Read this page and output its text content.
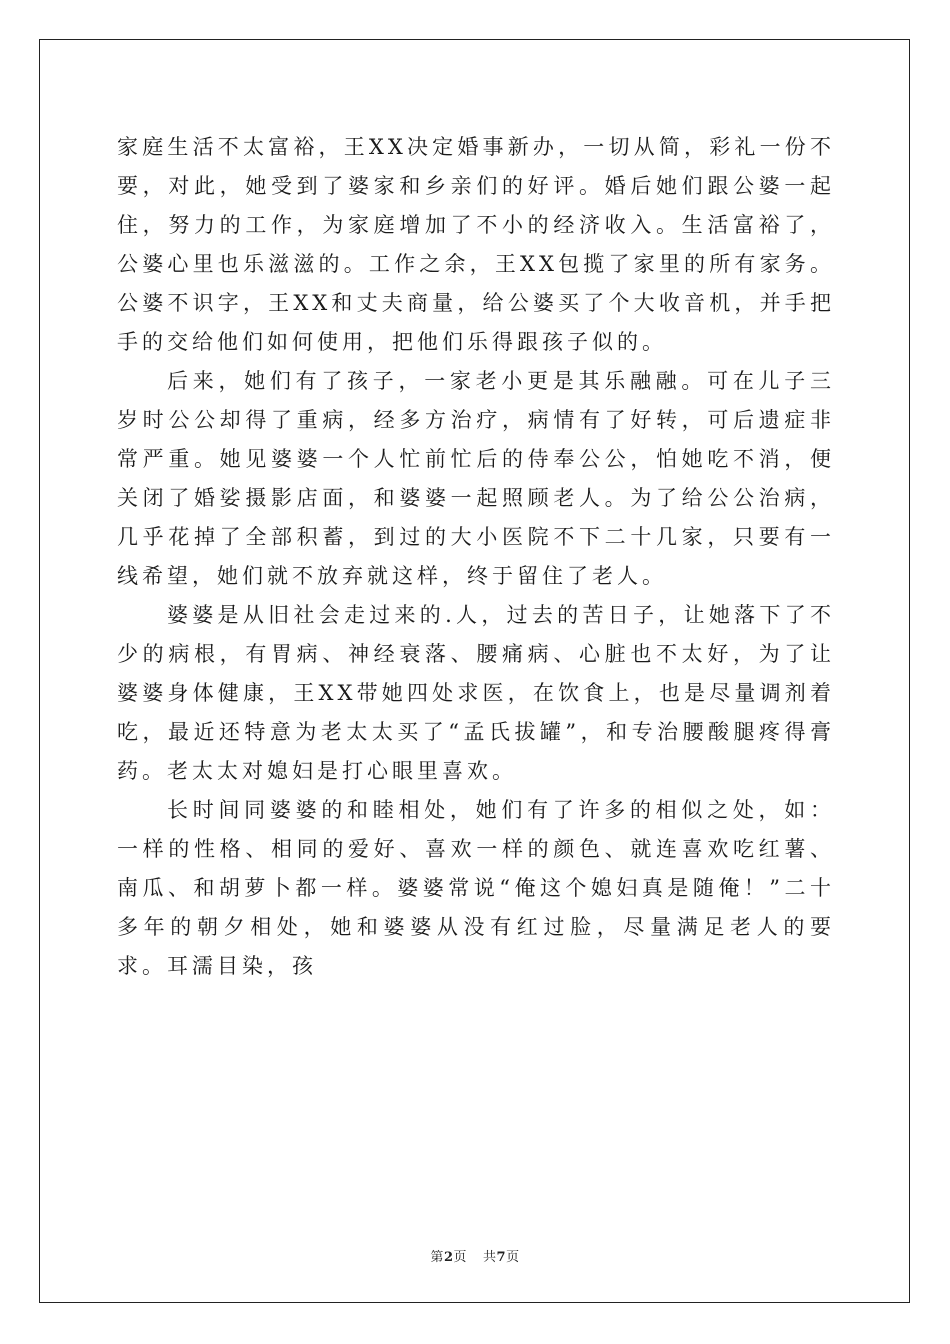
家庭生活不太富裕，王XX决定婚事新办，一切从简，彩礼一份不要，对此，她受到了婆家和乡亲们的好评。婚后她们跟公婆一起住，努力的工作，为家庭增加了不小的经济收入。生活富裕了，公婆心里也乐滋滋的。工作之余，王XX包揽了家里的所有家务。公婆不识字，王XX和丈夫商量，给公婆买了个大收音机，并手把手的交给他们如何使用，把他们乐得跟孩子似的。

后来，她们有了孩子，一家老小更是其乐融融。可在儿子三岁时公公却得了重病，经多方治疗，病情有了好转，可后遗症非常严重。她见婆婆一个人忙前忙后的侍奉公公，怕她吃不消，便关闭了婚娑摄影店面，和婆婆一起照顾老人。为了给公公治病，几乎花掉了全部积蓄，到过的大小医院不下二十几家，只要有一线希望，她们就不放弃就这样，终于留住了老人。

婆婆是从旧社会走过来的.人，过去的苦日子，让她落下了不少的病根，有胃病、神经衰落、腰痛病、心脏也不太好，为了让婆婆身体健康，王XX带她四处求医，在饮食上，也是尽量调剂着吃，最近还特意为老太太买了“孟氏拔罐”，和专治腰酸腿疼得膏药。老太太对媳妇是打心眼里喜欢。

长时间同婆婆的和睦相处，她们有了许多的相似之处，如：一样的性格、相同的爱好、喜欢一样的颜色、就连喜欢吃红薯、南瓜、和胡萝卜都一样。婆婆常说“俺这个媳妇真是随俺！”二十多年的朝夕相处，她和婆婆从没有红过脸，尽量满足老人的要求。耳濡目染，孩

第2页 共7页
